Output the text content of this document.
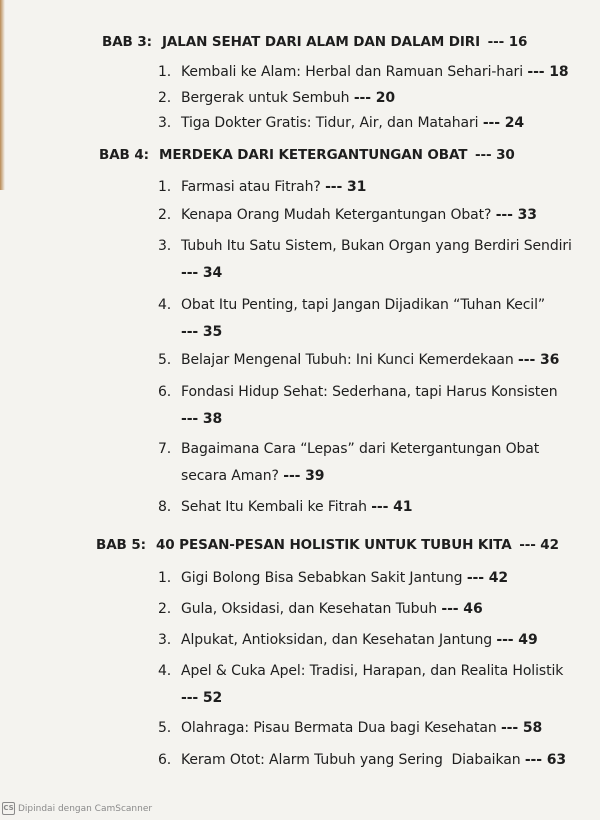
BAB 3: JALAN SEHAT DARI ALAM DAN DALAM DIRI --- 16
1. Kembali ke Alam: Herbal dan Ramuan Sehari-hari --- 18
2. Bergerak untuk Sembuh --- 20
3. Tiga Dokter Gratis: Tidur, Air, dan Matahari --- 24
BAB 4: MERDEKA DARI KETERGANTUNGAN OBAT --- 30
1. Farmasi atau Fitrah? --- 31
2. Kenapa Orang Mudah Ketergantungan Obat? --- 33
3. Tubuh Itu Satu Sistem, Bukan Organ yang Berdiri Sendiri
--- 34
4. Obat Itu Penting, tapi Jangan Dijadikan “Tuhan Kecil”
--- 35
5. Belajar Mengenal Tubuh: Ini Kunci Kemerdekaan --- 36
6. Fondasi Hidup Sehat: Sederhana, tapi Harus Konsisten
--- 38
7. Bagaimana Cara “Lepas” dari Ketergantungan Obat
secara Aman? --- 39
8. Sehat Itu Kembali ke Fitrah --- 41
BAB 5: 40 PESAN-PESAN HOLISTIK UNTUK TUBUH KITA --- 42
1. Gigi Bolong Bisa Sebabkan Sakit Jantung --- 42
2. Gula, Oksidasi, dan Kesehatan Tubuh --- 46
3. Alpukat, Antioksidan, dan Kesehatan Jantung --- 49
4. Apel & Cuka Apel: Tradisi, Harapan, dan Realita Holistik
--- 52
5. Olahraga: Pisau Bermata Dua bagi Kesehatan --- 58
6. Keram Otot: Alarm Tubuh yang Sering  Diabaikan --- 63
CS Dipindai dengan CamScanner
